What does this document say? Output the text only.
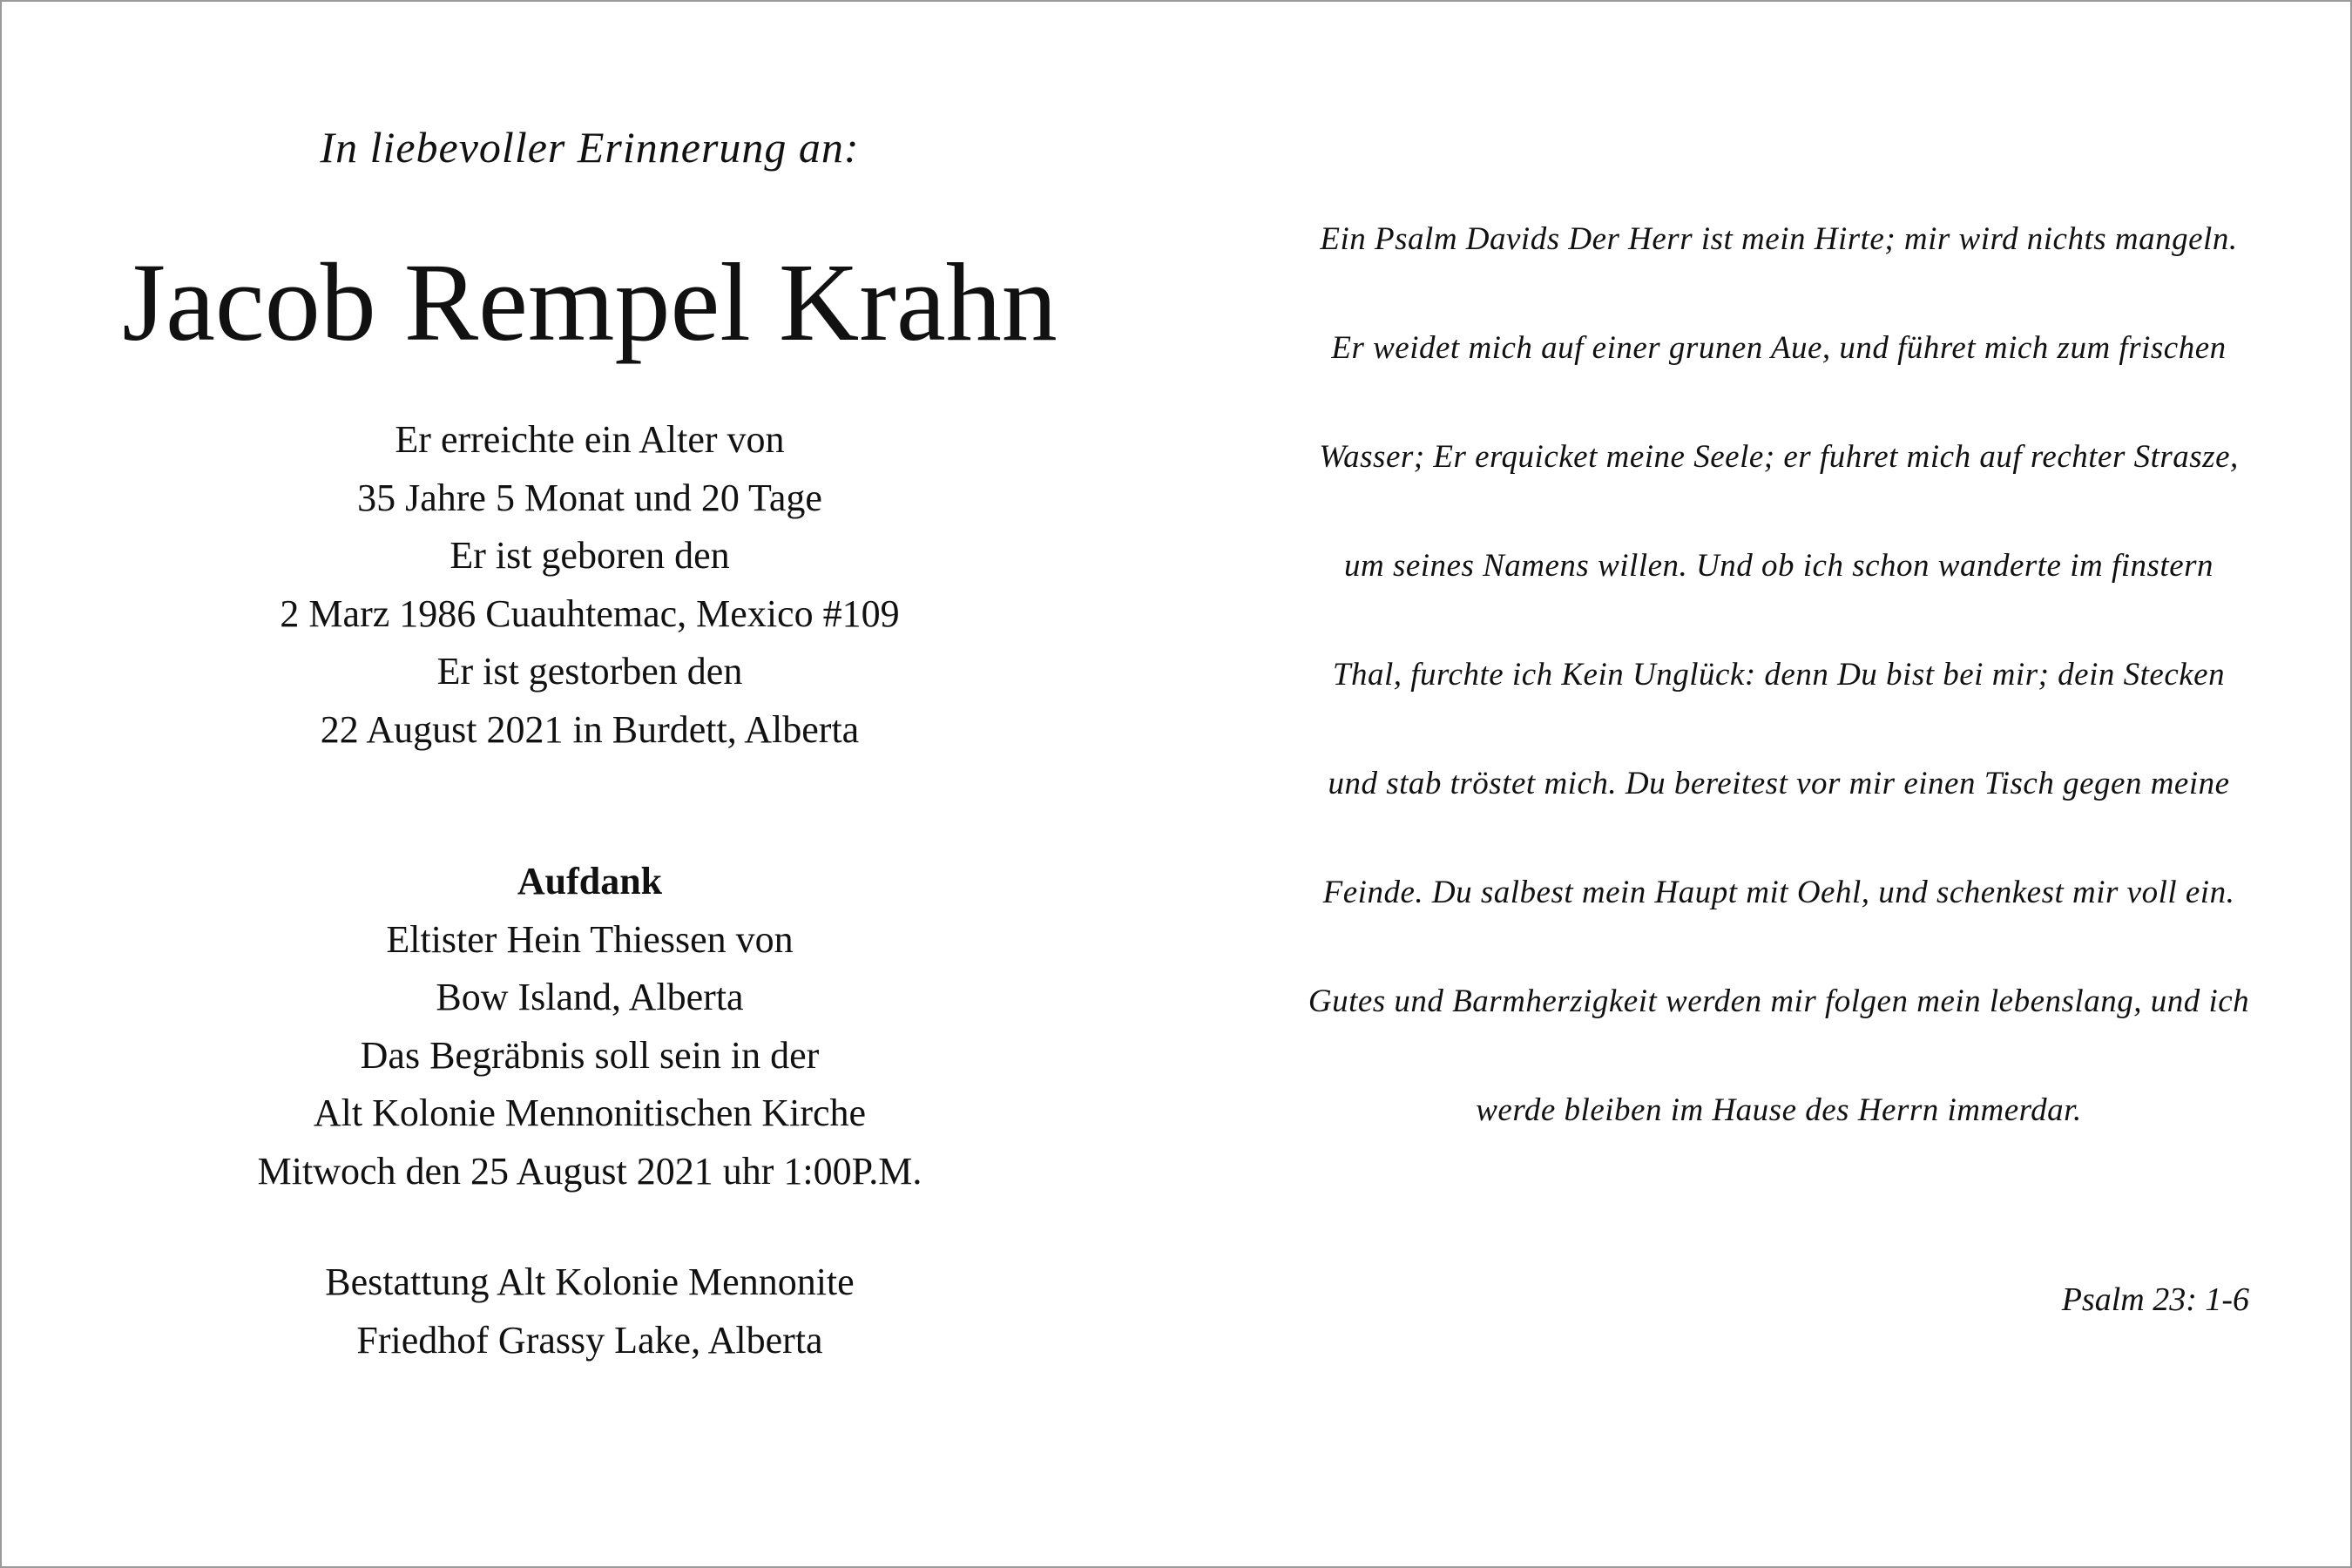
In liebevoller Erinnerung an:
Jacob Rempel Krahn
Er erreichte ein Alter von
35 Jahre 5 Monat und 20 Tage
Er ist geboren den
2 Marz 1986 Cuauhtemac, Mexico #109
Er ist gestorben den
22 August 2021 in Burdett, Alberta
Aufdank
Eltister Hein Thiessen von
Bow Island, Alberta
Das Begräbnis soll sein in der
Alt Kolonie Mennonitischen Kirche
Mitwoch den 25 August 2021 uhr 1:00P.M.
Bestattung Alt Kolonie Mennonite
Friedhof Grassy Lake, Alberta
Ein Psalm Davids Der Herr ist mein Hirte; mir wird nichts mangeln.
Er weidet mich auf einer grunen Aue, und führet mich zum frischen
Wasser; Er erquicket meine Seele; er fuhret mich auf rechter Strasze,
um seines Namens willen. Und ob ich schon wanderte im finstern
Thal, furchte ich Kein Unglück: denn Du bist bei mir; dein Stecken
und stab tröstet mich. Du bereitest vor mir einen Tisch gegen meine
Feinde. Du salbest mein Haupt mit Oehl, und schenkest mir voll ein.
Gutes und Barmherzigkeit werden mir folgen mein lebenslang, und ich
werde bleiben im Hause des Herrn immerdar.
Psalm 23: 1-6
